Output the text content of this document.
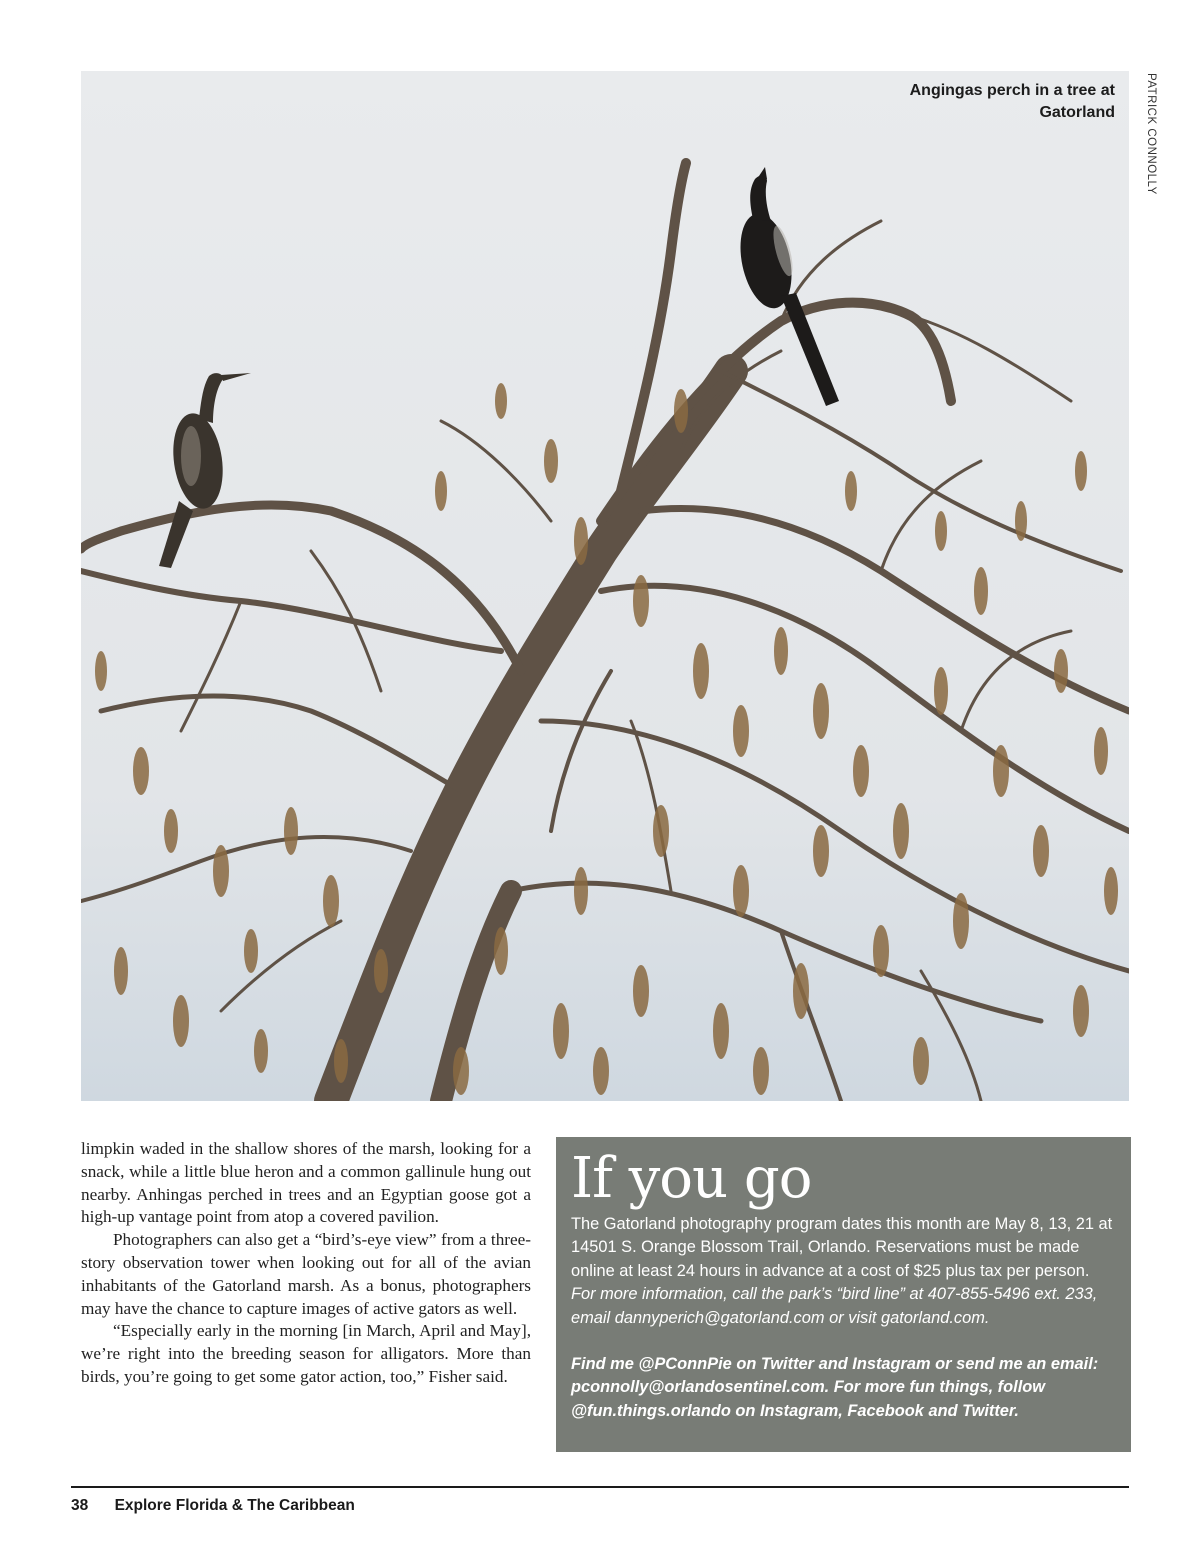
Angingas perch in a tree at Gatorland	PATRICK CONNOLLY

limpkin waded in the shallow shores of the marsh, looking for a snack, while a little blue heron and a common gallinule hung out nearby. Anhingas perched in trees and an Egyptian goose got a high-up vantage point from atop a covered pavilion.

Photographers can also get a “bird’s-eye view” from a three-story observation tower when looking out for all of the avian inhabitants of the Gatorland marsh. As a bonus, photographers may have the chance to capture images of active gators as well.

“Especially early in the morning [in March, April and May], we’re right into the breeding season for alligators. More than birds, you’re going to get some gator action, too,” Fisher said.

If you go

The Gatorland photography program dates this month are May 8, 13, 21 at 14501 S. Orange Blossom Trail, Orlando. Reservations must be made online at least 24 hours in advance at a cost of $25 plus tax per person. For more information, call the park’s “bird line” at 407-855-5496 ext. 233, email dannyperich@gatorland.com or visit gatorland.com.

Find me @PConnPie on Twitter and Instagram or send me an email: pconnolly@orlandosentinel.com. For more fun things, follow @fun.things.orlando on Instagram, Facebook and Twitter.

38 Explore Florida & The Caribbean
